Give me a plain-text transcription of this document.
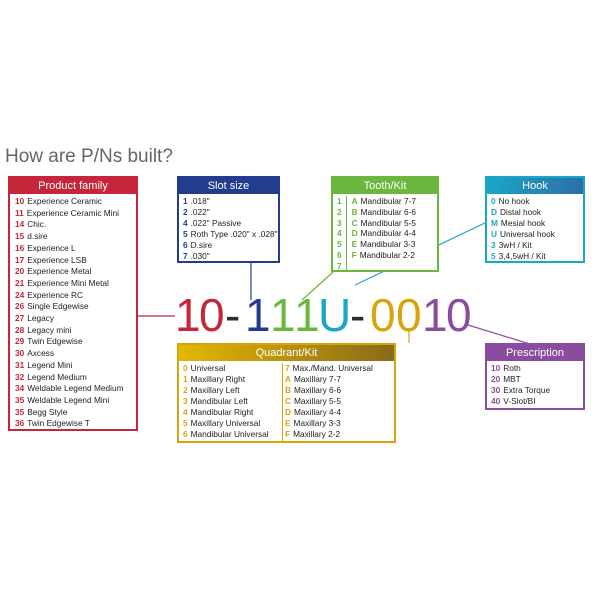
How are P/Ns built?
Product family
10 Experience Ceramic
11 Experience Ceramic Mini
14 Chic.
15 d.sire
16 Experience L
17 Experience LSB
20 Experience Metal
21 Experience Mini Metal
24 Experience RC
26 Single Edgewise
27 Legacy
28 Legacy mini
29 Twin Edgewise
30 Axcess
31 Legend Mini
32 Legend Medium
34 Weldable Legend Medium
35 Weldable Legend Mini
35 Begg Style
36 Twin Edgewise T
Slot size
1 .018"
2 .022"
4 .022" Passive
5 Roth Type .020" x .028"
6 D.sire
7 .030"
Tooth/Kit
1 A Mandibular 7-7
2 B Mandibular 6-6
3 C Mandibular 5-5
4 D Mandibular 4-4
5 E Mandibular 3-3
6 F Mandibular 2-2
7
Hook
0 No hook
D Distal hook
M Mesial hook
U Universal hook
3 3wH / Kit
5 3,4,5wH / Kit
Quadrant/Kit
0 Universal
1 Maxillary Right
2 Maxillary Left
3 Mandibular Left
4 Mandibular Right
5 Maxillary Universal
6 Mandibular Universal
7 Max./Mand. Universal
A Maxillary 7-7
B Maxillary 6-6
C Maxillary 5-5
D Maxillary 4-4
E Maxillary 3-3
F Maxillary 2-2
Prescription
10 Roth
20 MBT
30 Extra Torque
40 V-Slot/BI
1 0 - 1 1 1 U - 0 0 1 0
